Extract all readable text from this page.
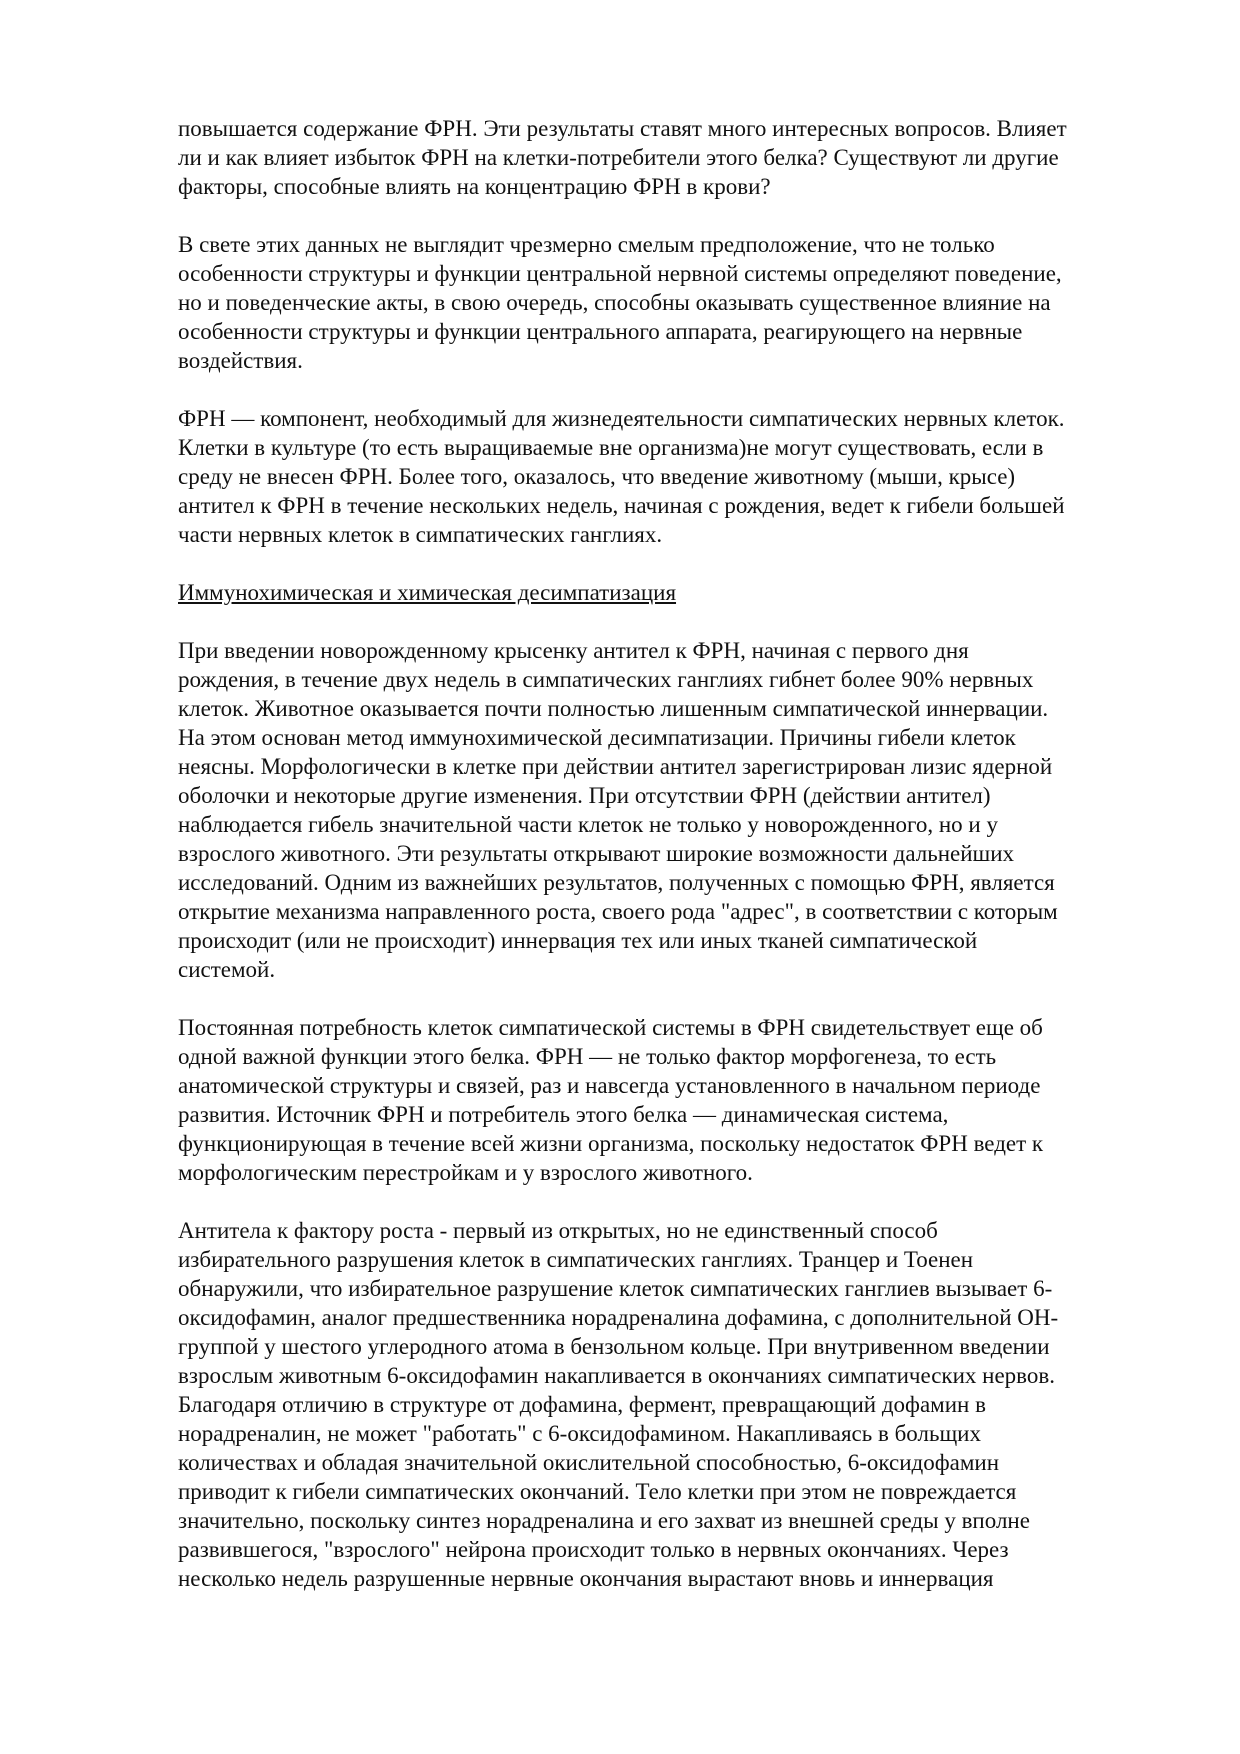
повышается содержание ФРН. Эти результаты ставят много интересных вопросов. Влияет
ли и как влияет избыток ФРН на клетки-потребители этого белка? Существуют ли другие
факторы, способные влиять на концентрацию ФРН в крови?
В свете этих данных не выглядит чрезмерно смелым предположение, что не только
особенности структуры и функции центральной нервной системы определяют поведение,
но и поведенческие акты, в свою очередь, способны оказывать существенное влияние на
особенности структуры и функции центрального аппарата, реагирующего на нервные
воздействия.
ФРН — компонент, необходимый для жизнедеятельности симпатических нервных клеток.
Клетки в культуре (то есть выращиваемые вне организма)не могут существовать, если в
среду не внесен ФРН. Более того, оказалось, что введение животному (мыши, крысе)
антител к ФРН в течение нескольких недель, начиная с рождения, ведет к гибели большей
части нервных клеток в симпатических ганглиях.
Иммунохимическая и химическая десимпатизация
При введении новорожденному крысенку антител к ФРН, начиная с первого дня
рождения, в течение двух недель в симпатических ганглиях гибнет более 90% нервных
клеток. Животное оказывается почти полностью лишенным симпатической иннервации.
На этом основан метод иммунохимической десимпатизации. Причины гибели клеток
неясны. Морфологически в клетке при действии антител зарегистрирован лизис ядерной
оболочки и некоторые другие изменения. При отсутствии ФРН (действии антител)
наблюдается гибель значительной части клеток не только у новорожденного, но и у
взрослого животного. Эти результаты открывают широкие возможности дальнейших
исследований. Одним из важнейших результатов, полученных с помощью ФРН, является
открытие механизма направленного роста, своего рода "адрес", в соответствии с которым
происходит (или не происходит) иннервация тех или иных тканей симпатической
системой.
Постоянная потребность клеток симпатической системы в ФРН свидетельствует еще об
одной важной функции этого белка. ФРН — не только фактор морфогенеза, то есть
анатомической структуры и связей, раз и навсегда установленного в начальном периоде
развития. Источник ФРН и потребитель этого белка — динамическая система,
функционирующая в течение всей жизни организма, поскольку недостаток ФРН ведет к
морфологическим перестройкам и у взрослого животного.
Антитела к фактору роста - первый из открытых, но не единственный способ
избирательного разрушения клеток в симпатических ганглиях. Транцер и Тоенен
обнаружили, что избирательное разрушение клеток симпатических ганглиев вызывает 6-
оксидофамин, аналог предшественника норадреналина дофамина, с дополнительной ОН-
группой у шестого углеродного атома в бензольном кольце. При внутривенном введении
взрослым животным 6-оксидофамин накапливается в окончаниях симпатических нервов.
Благодаря отличию в структуре от дофамина, фермент, превращающий дофамин в
норадреналин, не может "работать" с 6-оксидофамином. Накапливаясь в больщих
количествах и обладая значительной окислительной способностью, 6-оксидофамин
приводит к гибели симпатических окончаний. Тело клетки при этом не повреждается
значительно, поскольку синтез норадреналина и его захват из внешней среды у вполне
развившегося, "взрослого" нейрона происходит только в нервных окончаниях. Через
несколько недель разрушенные нервные окончания вырастают вновь и иннервация
